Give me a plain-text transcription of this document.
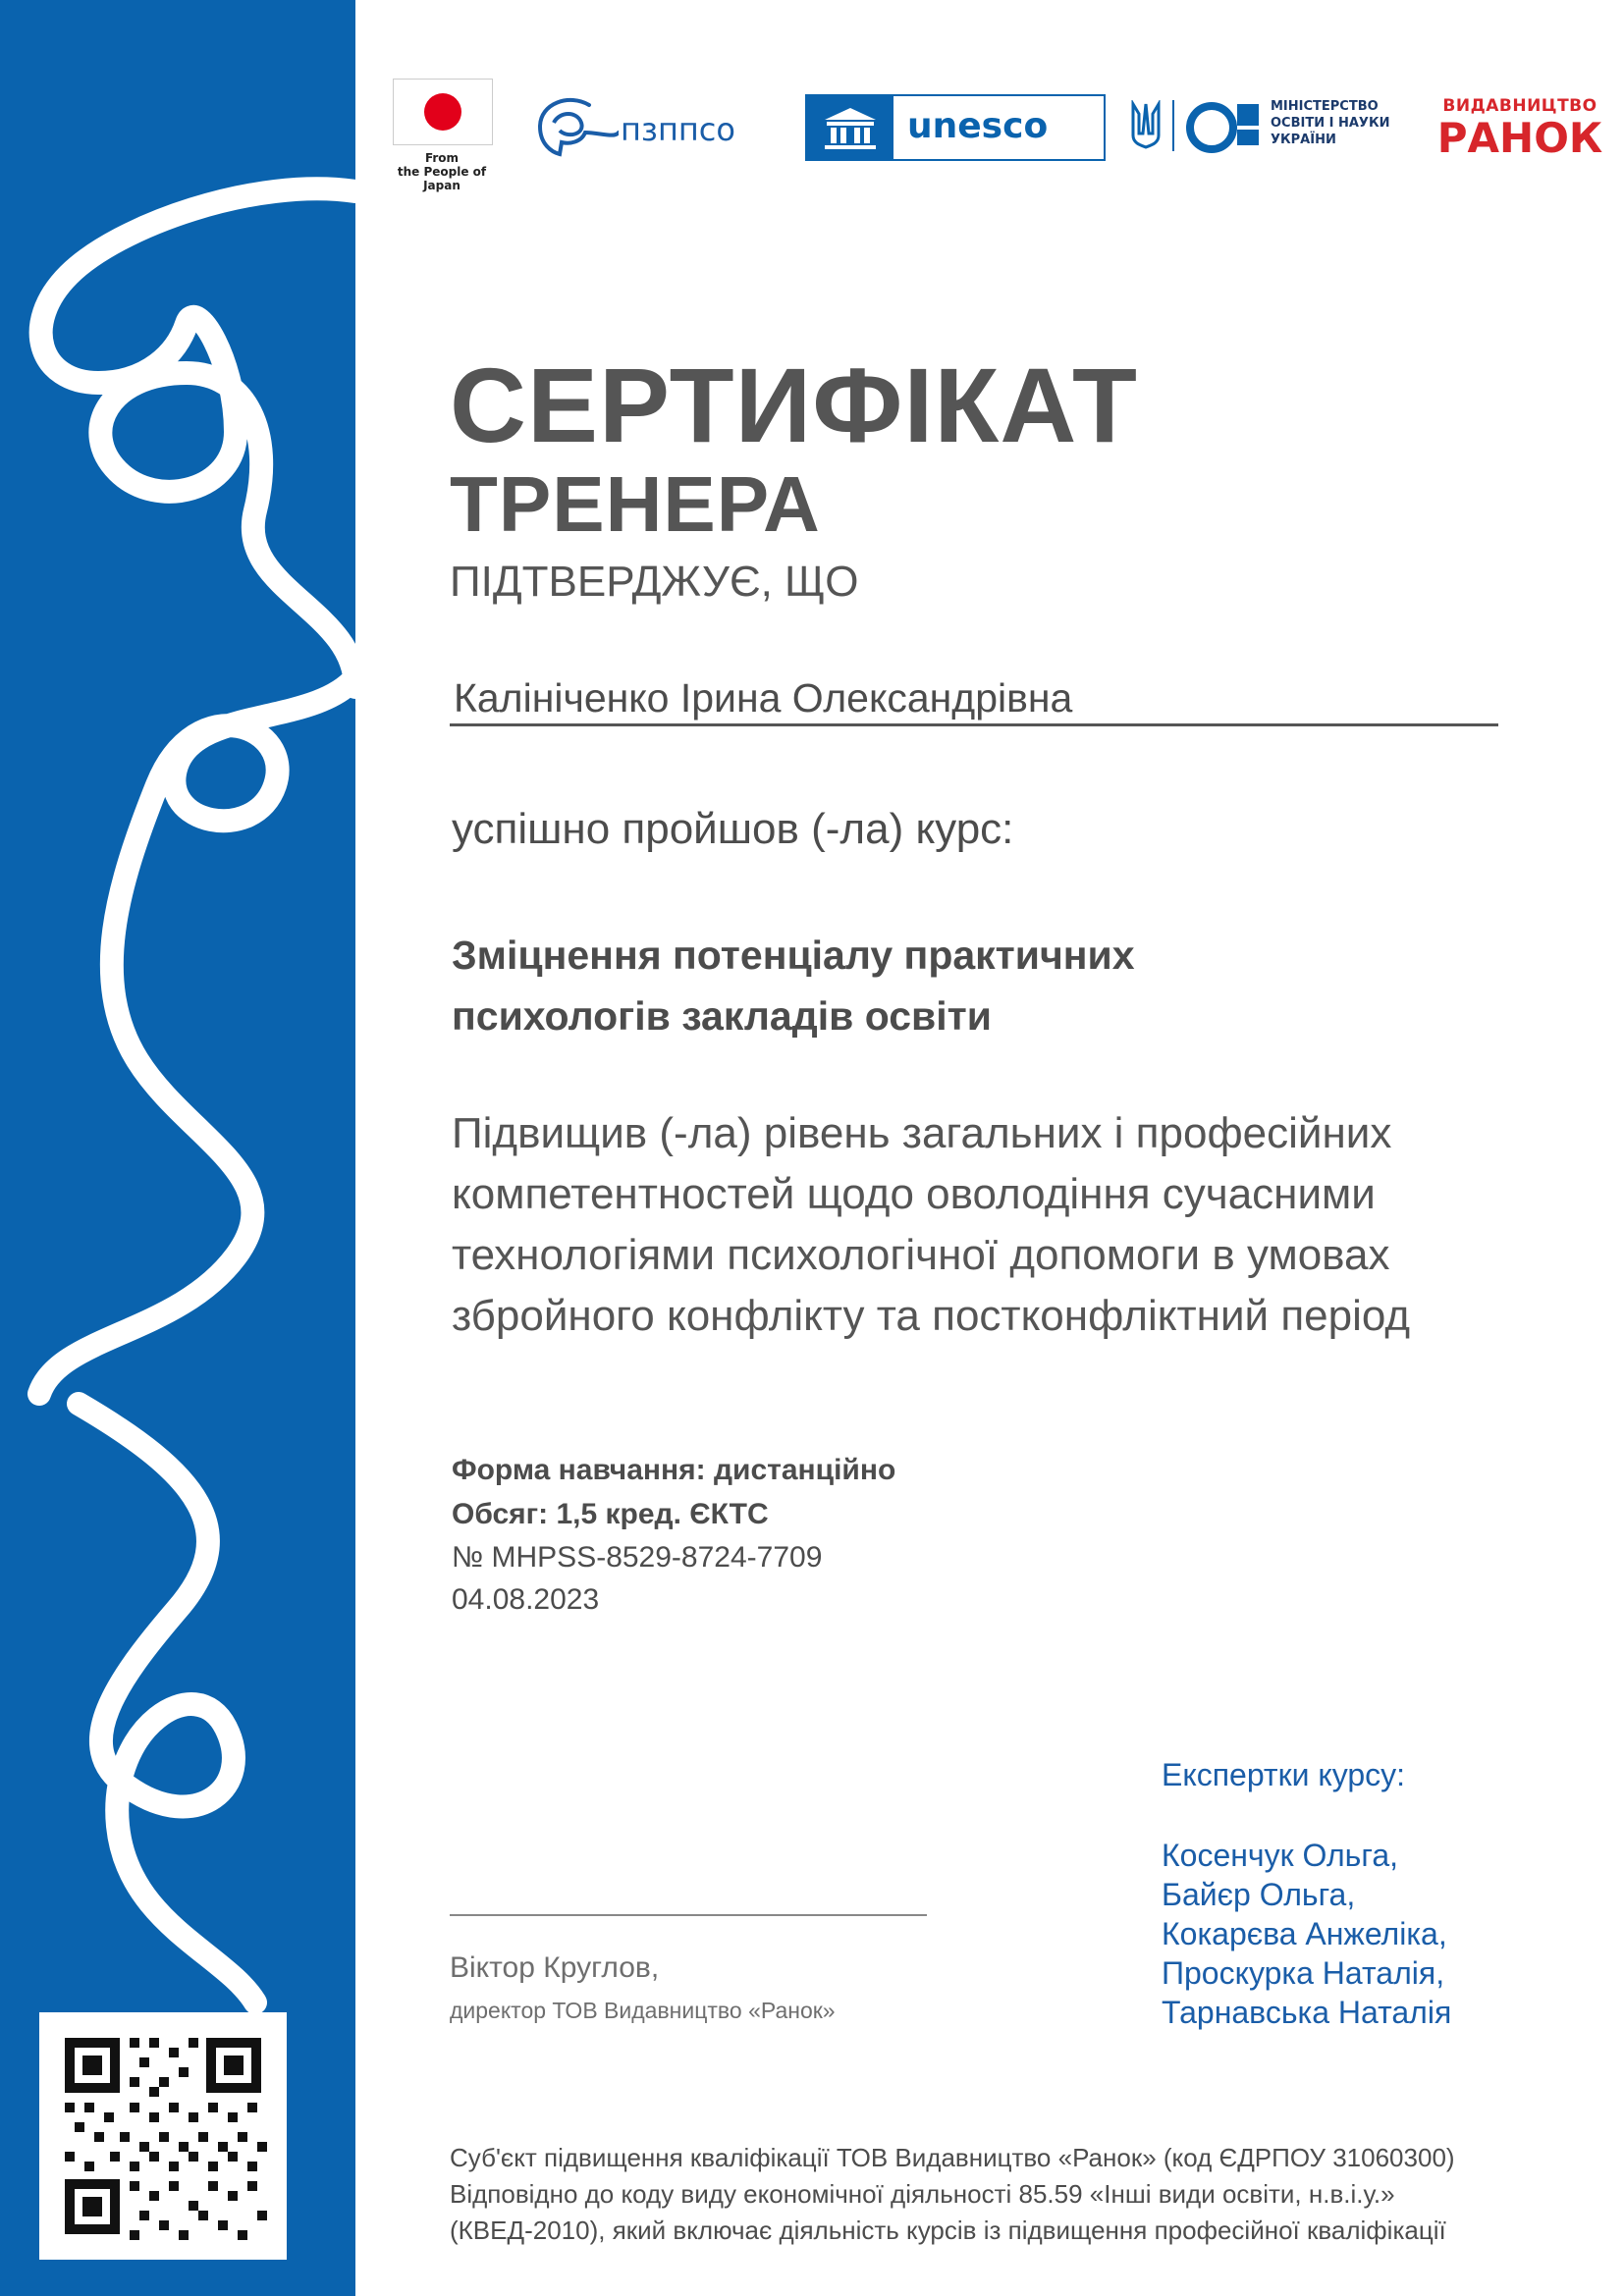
From
the People of Japan
пзппсо	unesco	МІНІСТЕРСТВО
ОСВІТИ І НАУКИ
УКРАЇНИ
ВИДАВНИЦТВО
РАНОК
СЕРТИФІКАТ
ТРЕНЕРА
ПІДТВЕРДЖУЄ, ЩО
Калініченко Ірина Олександрівна
успішно пройшов (-ла) курс:
Зміцнення потенціалу практичних
психологів закладів освіти
Підвищив (-ла) рівень загальних і професійних
компетентностей щодо оволодіння сучасними
технологіями психологічної допомоги в умовах
збройного конфлікту та постконфліктний період
Форма навчання: дистанційно
Обсяг: 1,5 кред. ЄКТС
№ MHPSS-8529-8724-7709
04.08.2023
Експертки курсу:
Косенчук Ольга,
Байєр Ольга,
Кокарєва Анжеліка,
Проскурка Наталія,
Тарнавська Наталія
Віктор Круглов,
директор ТОВ Видавництво «Ранок»
Суб'єкт підвищення кваліфікації ТОВ Видавництво «Ранок» (код ЄДРПОУ 31060300)
Відповідно до коду виду економічної діяльності 85.59 «Інші види освіти, н.в.і.у.»
(КВЕД-2010), який включає діяльність курсів із підвищення професійної кваліфікації
